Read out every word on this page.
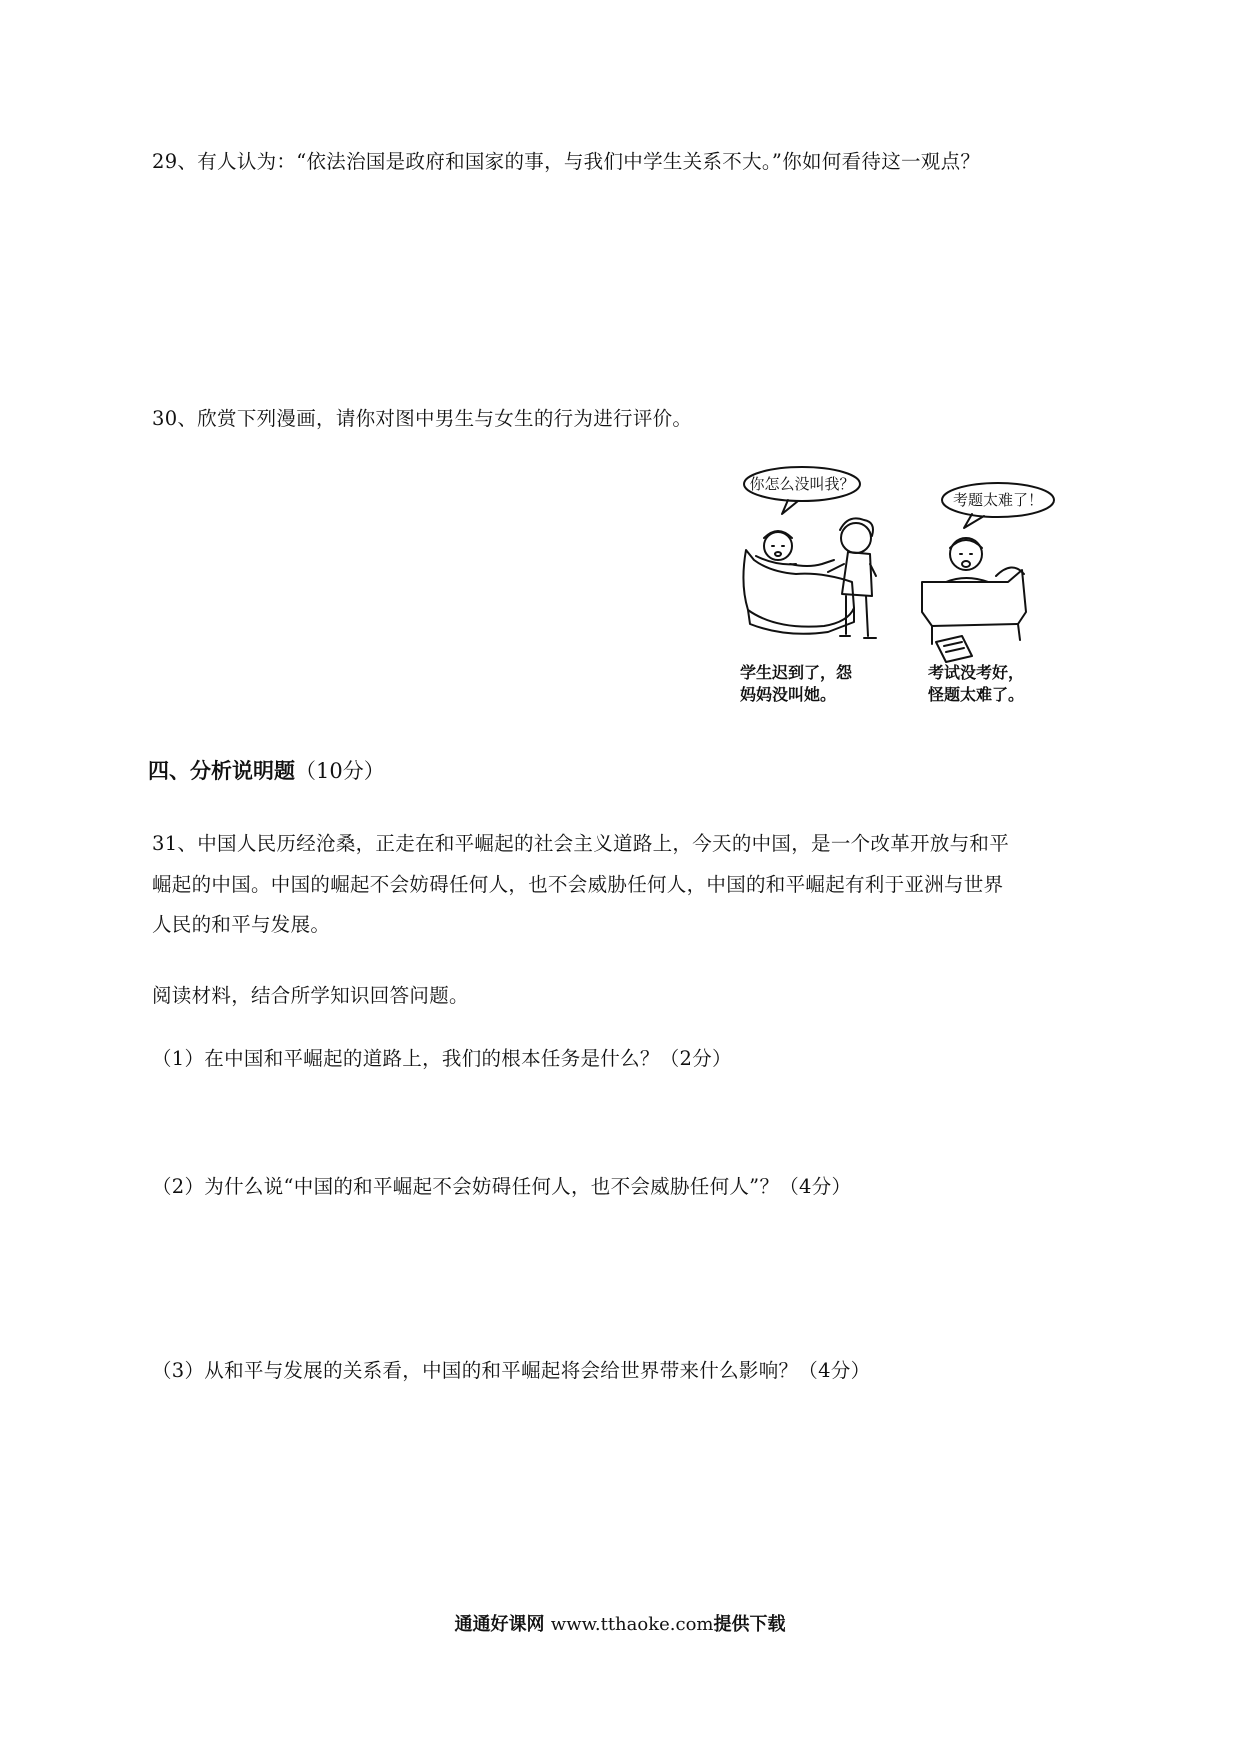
29、有人认为：“依法治国是政府和国家的事，与我们中学生关系不大。”你如何看待这一观点？
30、欣赏下列漫画，请你对图中男生与女生的行为进行评价。
你怎么没叫我？
考题太难了！
学生迟到了，怨
妈妈没叫她。
考试没考好，
怪题太难了。
四、分析说明题（10分）
31、中国人民历经沧桑，正走在和平崛起的社会主义道路上，今天的中国，是一个改革开放与和平
崛起的中国。中国的崛起不会妨碍任何人，也不会威胁任何人，中国的和平崛起有利于亚洲与世界
人民的和平与发展。
阅读材料，结合所学知识回答问题。
（1）在中国和平崛起的道路上，我们的根本任务是什么？（2分）
（2）为什么说“中国的和平崛起不会妨碍任何人，也不会威胁任何人”？（4分）
（3）从和平与发展的关系看，中国的和平崛起将会给世界带来什么影响？（4分）
通通好课网 www.tthaoke.com提供下载
